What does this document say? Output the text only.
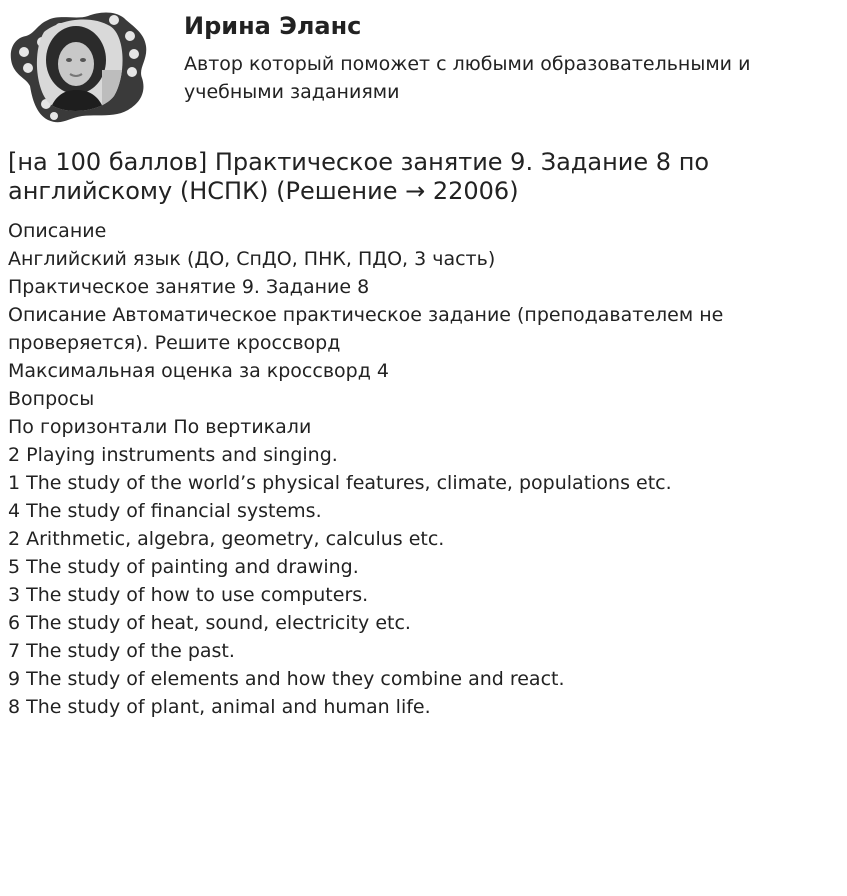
Ирина Эланс

Автор который поможет с любыми образовательными и учебными заданиями

[на 100 баллов] Практическое занятие 9. Задание 8 по английскому (НСПК) (Решение → 22006)

Описание

Английский язык (ДО, СпДО, ПНК, ПДО, 3 часть)

Практическое занятие 9. Задание 8

Описание Автоматическое практическое задание (преподавателем не проверяется). Решите кроссворд

Максимальная оценка за кроссворд 4

Вопросы

По горизонтали По вертикали

2 Playing instruments and singing.

1 The study of the world’s physical features, climate, populations etc.

4 The study of financial systems.

2 Arithmetic, algebra, geometry, calculus etc.

5 The study of painting and drawing.

3 The study of how to use computers.

6 The study of heat, sound, electricity etc.

7 The study of the past.

9 The study of elements and how they combine and react.

8 The study of plant, animal and human life.
